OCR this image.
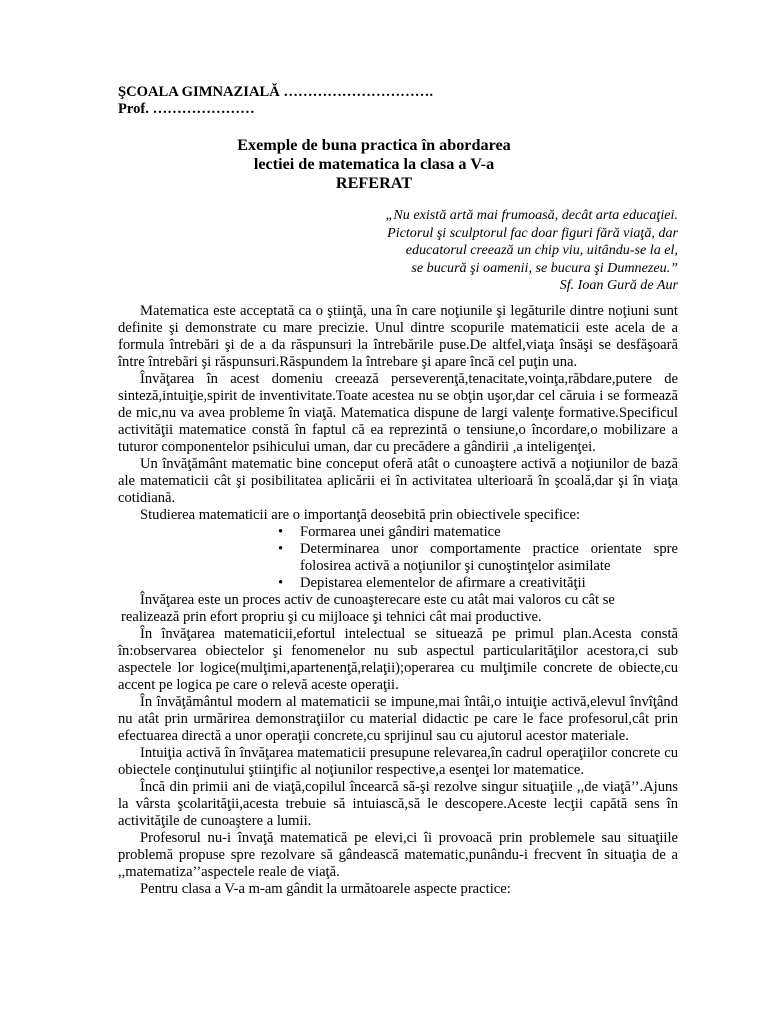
ŞCOALA GIMNAZIALĂ ………………………….
Prof. …………………
Exemple de buna practica în abordarea
lectiei de matematica la clasa a V-a
REFERAT
„Nu există artă mai frumoasă, decât arta educaţiei.
Pictorul şi sculptorul fac doar figuri fără viaţă, dar
educatorul creează un chip viu, uitându-se la el,
se bucură şi oamenii, se bucura şi Dumnezeu.”
Sf. Ioan Gură de Aur

Matematica este acceptată ca o ştiinţă, una în care noţiunile şi legăturile dintre noţiuni sunt definite şi demonstrate cu mare precizie. Unul dintre scopurile matematicii este acela de a formula întrebări şi de a da răspunsuri la întrebările puse.De altfel,viaţa însăşi se desfăşoară între întrebări şi răspunsuri.Răspundem la întrebare şi apare încă cel puţin una.

Învăţarea în acest domeniu creează perseverenţă,tenacitate,voinţa,răbdare,putere de sinteză,intuiţie,spirit de inventivitate.Toate acestea nu se obţin uşor,dar cel căruia i se formează de mic,nu va avea probleme în viaţă. Matematica dispune de largi valenţe formative.Specificul activităţii matematice constă în faptul că ea reprezintă o tensiune,o încordare,o mobilizare a tuturor componentelor psihicului uman, dar cu precădere a gândirii ,a inteligenţei.

Un învăţământ matematic bine conceput oferă atât o cunoaştere activă a noţiunilor de bază ale matematicii cât şi posibilitatea aplicării ei în activitatea ulterioară în şcoală,dar şi în viaţa cotidiană.

Studierea matematicii are o importanţă deosebită prin obiectivele specifice:

• Formarea unei gândiri matematice
• Determinarea unor comportamente practice orientate spre folosirea activă a noţiunilor şi cunoştinţelor asimilate
• Depistarea elementelor de afirmare a creativităţii

Învăţarea este un proces activ de cunoaşterecare este cu atât mai valoros cu cât se

realizează prin efort propriu şi cu mijloace şi tehnici cât mai productive.

În învăţarea matematicii,efortul intelectual se situează pe primul plan.Acesta constă în:observarea obiectelor şi fenomenelor nu sub aspectul particularităţilor acestora,ci sub aspectele lor logice(mulţimi,apartenenţă,relaţii);operarea cu mulţimile concrete de obiecte,cu accent pe logica pe care o relevă aceste operaţii.

În învăţământul modern al matematicii se impune,mai întâi,o intuiţie activă,elevul învîţând nu atât prin urmărirea demonstraţiilor cu material didactic pe care le face profesorul,cât prin efectuarea directă a unor operaţii concrete,cu sprijinul sau cu ajutorul acestor materiale.

Intuiţia activă în învăţarea matematicii presupune relevarea,în cadrul operaţiilor concrete cu obiectele conţinutului ştiinţific al noţiunilor respective,a esenţei lor matematice.

Încă din primii ani de viaţă,copilul încearcă să-şi rezolve singur situaţiile ,,de viaţă’’.Ajuns la vârsta şcolarităţii,acesta trebuie să intuiască,să le descopere.Aceste lecţii capătă sens în activităţile de cunoaştere a lumii.

Profesorul nu-i învaţă matematică pe elevi,ci îi provoacă prin problemele sau situaţiile problemă propuse spre rezolvare să gândească matematic,punându-i frecvent în situaţia de a ,,matematiza’’aspectele reale de viaţă.

Pentru clasa a V-a m-am gândit la următoarele aspecte practice:
